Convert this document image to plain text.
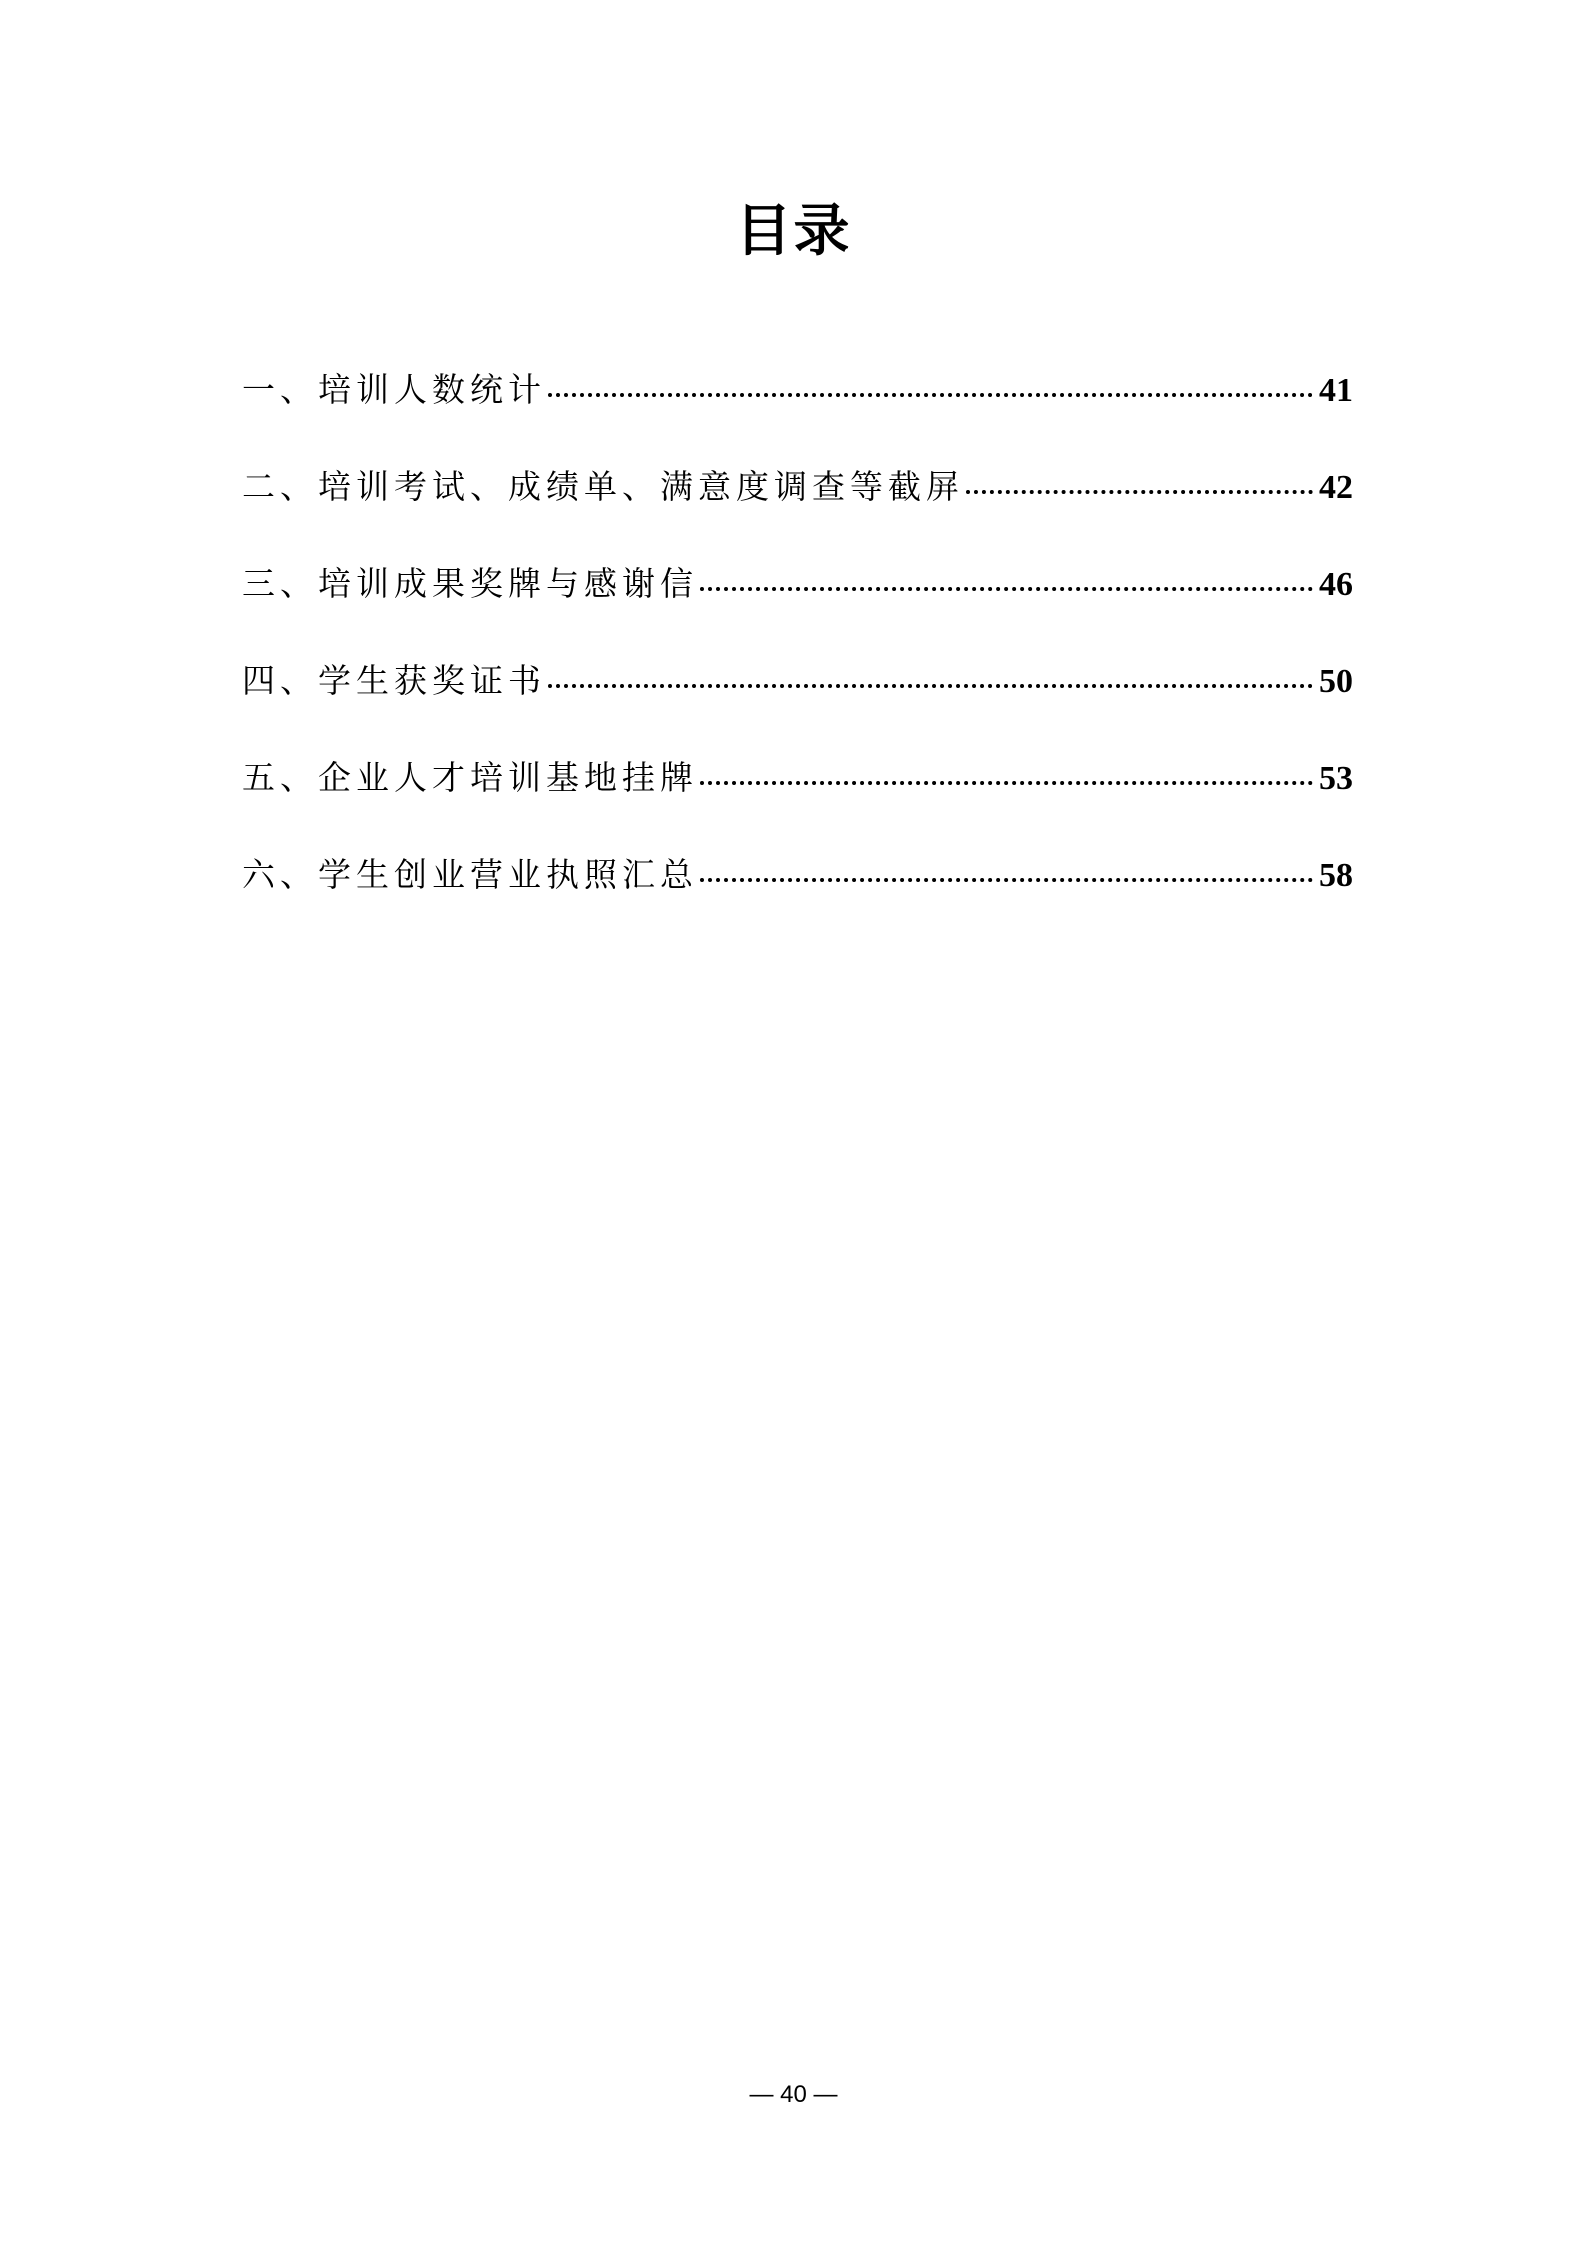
目录
一、培训人数统计	41
二、培训考试、成绩单、满意度调查等截屏	42
三、培训成果奖牌与感谢信	46
四、学生获奖证书	50
五、企业人才培训基地挂牌	53
六、学生创业营业执照汇总	58
— 40 —
